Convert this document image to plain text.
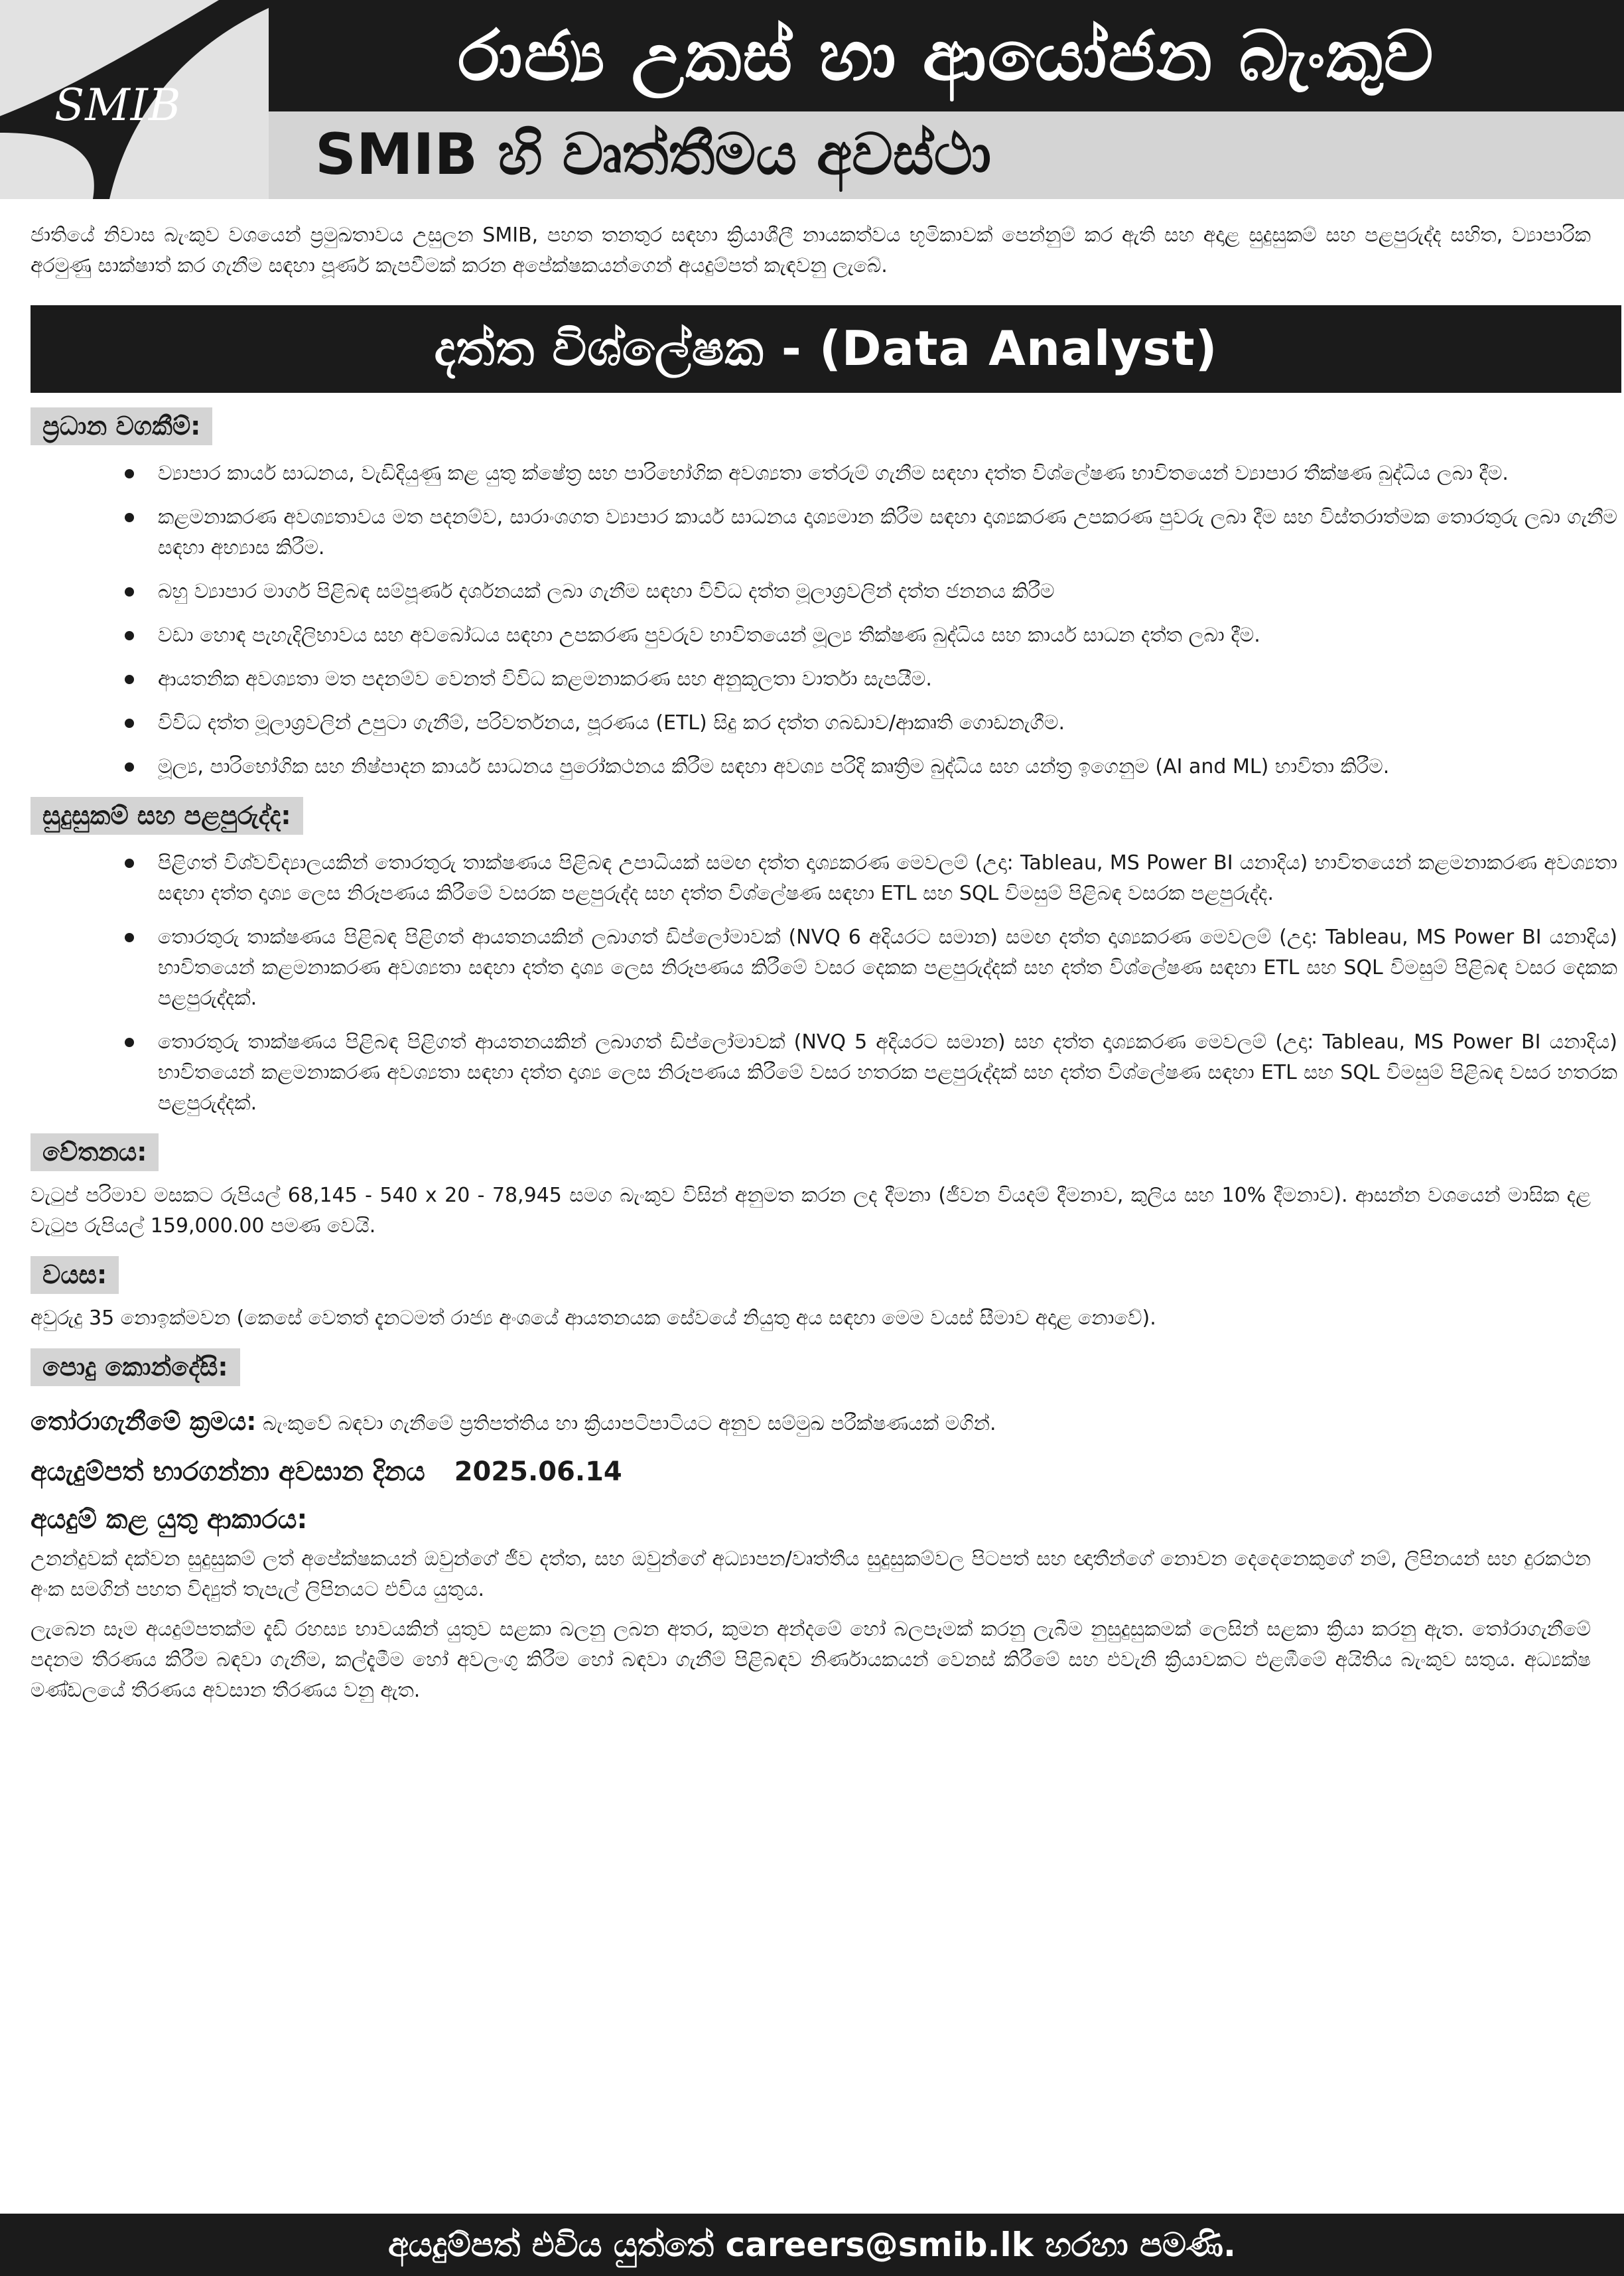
SMIB
රාජ්‍ය උකස් හා ආයෝජන බැංකුව
SMIB හි වෘත්තීමය අවස්ථා

ජාතියේ නිවාස බැංකුව වශයෙන් ප්‍රමුඛතාවය උසුලන SMIB, පහත තනතුර සඳහා ක්‍රියාශීලී නායකත්වය භූමිකාවක් පෙන්නුම් කර ඇති සහ අදාළ සුදුසුකම් සහ පළපුරුද්ද සහිත, ව්‍යාපාරික අරමුණු සාක්ෂාත් කර ගැනීම සඳහා පූර්ණ කැපවීමක් කරන අපේක්ෂකයන්ගෙන් අයදුම්පත් කැඳවනු ලැබේ.

දත්ත විශ්ලේෂක - (Data Analyst)
ප්‍රධාන වගකීම්:
ව්‍යාපාර කාර්ය සාධනය, වැඩිදියුණු කළ යුතු ක්ෂේත්‍ර සහ පාරිභෝගික අවශ්‍යතා තේරුම් ගැනීම සඳහා දත්ත විශ්ලේෂණ භාවිතයෙන් ව්‍යාපාර තීක්ෂණ බුද්ධිය ලබා දීම.
කළමනාකරණ අවශ්‍යතාවය මත පදනම්ව, සාරාංශගත ව්‍යාපාර කාර්ය සාධනය දෘශ්‍යමාන කිරීම සඳහා දෘශ්‍යකරණ උපකරණ පුවරු ලබා දීම සහ විස්තරාත්මක තොරතුරු ලබා ගැනීම සඳහා අභ්‍යාස කිරීම.
බහු ව්‍යාපාර මාර්ග පිළිබඳ සම්පූර්ණ දර්ශනයක් ලබා ගැනීම සඳහා විවිධ දත්ත මූලාශ්‍රවලින් දත්ත ජනනය කිරීම
වඩා හොඳ පැහැදිලිභාවය සහ අවබෝධය සඳහා උපකරණ පුවරුව භාවිතයෙන් මූල්‍ය තීක්ෂණ බුද්ධිය සහ කාර්ය සාධන දත්ත ලබා දීම.
ආයතනික අවශ්‍යතා මත පදනම්ව වෙනත් විවිධ කළමනාකරණ සහ අනුකූලතා වාර්තා සැපයීම.
විවිධ දත්ත මූලාශ්‍රවලින් උපුටා ගැනීම්, පරිවර්තනය, පූරණය (ETL) සිදු කර දත්ත ගබඩාව/ආකෘති ගොඩනැගීම.
මූල්‍ය, පාරිභෝගික සහ නිෂ්පාදන කාර්ය සාධනය පුරෝකථනය කිරීම සඳහා අවශ්‍ය පරිදි කෘත්‍රිම බුද්ධිය සහ යන්ත්‍ර ඉගෙනුම (AI and ML) භාවිතා කිරීම.
සුදුසුකම් සහ පළපුරුද්ද:
පිළිගත් විශ්වවිද්‍යාලයකින් තොරතුරු තාක්ෂණය පිළිබඳ උපාධියක් සමඟ දත්ත දෘශ්‍යකරණ මෙවලම් (උදා: Tableau, MS Power BI යනාදිය) භාවිතයෙන් කළමනාකරණ අවශ්‍යතා සඳහා දත්ත දෘශ්‍ය ලෙස නිරූපණය කිරීමේ වසරක පළපුරුද්ද සහ දත්ත විශ්ලේෂණ සඳහා ETL සහ SQL විමසුම් පිළිබඳ වසරක පළපුරුද්ද.
තොරතුරු තාක්ෂණය පිළිබඳ පිළිගත් ආයතනයකින් ලබාගත් ඩිප්ලෝමාවක් (NVQ 6 අදියරට සමාන) සමඟ දත්ත දෘශ්‍යකරණ මෙවලම් (උදා: Tableau, MS Power BI යනාදිය) භාවිතයෙන් කළමනාකරණ අවශ්‍යතා සඳහා දත්ත දෘශ්‍ය ලෙස නිරූපණය කිරීමේ වසර දෙකක පළපුරුද්දක් සහ දත්ත විශ්ලේෂණ සඳහා ETL සහ SQL විමසුම් පිළිබඳ වසර දෙකක පළපුරුද්දක්.
තොරතුරු තාක්ෂණය පිළිබඳ පිළිගත් ආයතනයකින් ලබාගත් ඩිප්ලෝමාවක් (NVQ 5 අදියරට සමාන) සහ දත්ත දෘශ්‍යකරණ මෙවලම් (උදා: Tableau, MS Power BI යනාදිය) භාවිතයෙන් කළමනාකරණ අවශ්‍යතා සඳහා දත්ත දෘශ්‍ය ලෙස නිරූපණය කිරීමේ වසර හතරක පළපුරුද්දක් සහ දත්ත විශ්ලේෂණ සඳහා ETL සහ SQL විමසුම් පිළිබඳ වසර හතරක පළපුරුද්දක්.
වේතනය:

වැටුප් පරිමාව මසකට රුපියල් 68,145 - 540 x 20 - 78,945 සමග බැංකුව විසින් අනුමත කරන ලද දීමනා (ජීවන වියදම් දීමනාව, කුලිය සහ 10% දීමනාව). ආසන්න වශයෙන් මාසික දළ වැටුප රුපියල් 159,000.00 පමණ වෙයි.

වයස:

අවුරුදු 35 නොඉක්මවන (කෙසේ වෙතත් දැනටමත් රාජ්‍ය අංශයේ ආයතනයක සේවයේ නියුතු අය සඳහා මෙම වයස් සීමාව අදාළ නොවේ).

පොදු කොන්දේසි:

තෝරාගැනීමේ ක්‍රමය: බැංකුවේ බඳවා ගැනීමේ ප්‍රතිපත්තිය හා ක්‍රියාපටිපාටියට අනුව සම්මුඛ පරීක්ෂණයක් මගින්.

අයැදුම්පත් භාරගන්නා අවසාන දිනය 2025.06.14

අයදුම් කළ යුතු ආකාරය:

උනන්දුවක් දක්වන සුදුසුකම් ලත් අපේක්ෂකයන් ඔවුන්ගේ ජීව දත්ත, සහ ඔවුන්ගේ අධ්‍යාපන/වෘත්තීය සුදුසුකම්වල පිටපත් සහ ඥාතීන්ගේ නොවන දෙදෙනෙකුගේ නම්, ලිපිනයන් සහ දුරකථන අංක සමගින් පහත විද්‍යුත් තැපැල් ලිපිනයට එවිය යුතුය.

ලැබෙන සෑම අයදුම්පතක්ම දැඩි රහස්‍ය භාවයකින් යුතුව සළකා බලනු ලබන අතර, කුමන අන්දමේ හෝ බලපෑමක් කරනු ලැබීම නුසුදුසුකමක් ලෙසින් සළකා ක්‍රියා කරනු ඇත. තෝරාගැනීමේ පදනම තීරණය කිරීම බඳවා ගැනීම, කල්දැමීම හෝ අවලංගු කිරීම හෝ බඳවා ගැනීම් පිළිබඳව නිර්ණායකයන් වෙනස් කිරීමේ සහ එවැනි ක්‍රියාවකට එළඹීමේ අයිතිය බැංකුව සතුය. අධ්‍යක්ෂ මණ්ඩලයේ තීරණය අවසාන තීරණය වනු ඇත.

අයදුම්පත් එවිය යුත්තේ careers@smib.lk හරහා පමණි.
